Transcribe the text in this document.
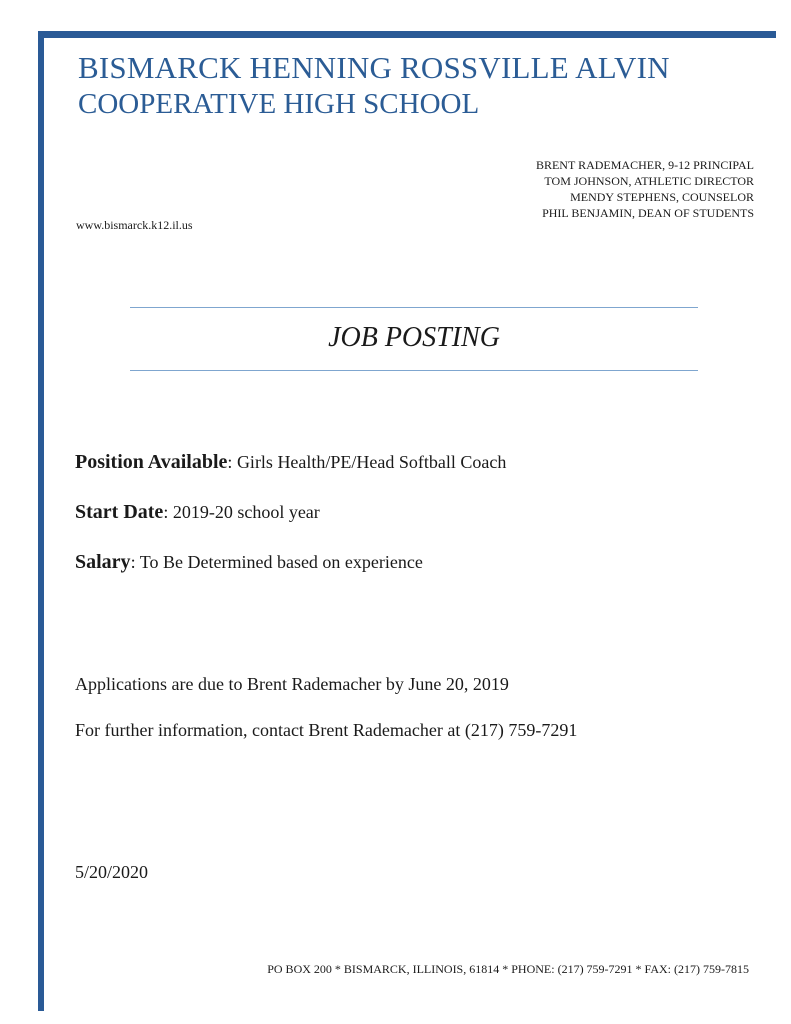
BISMARCK HENNING ROSSVILLE ALVIN
COOPERATIVE HIGH SCHOOL
BRENT RADEMACHER, 9-12 PRINCIPAL
TOM JOHNSON, ATHLETIC DIRECTOR
MENDY STEPHENS, COUNSELOR
PHIL BENJAMIN, DEAN OF STUDENTS
www.bismarck.k12.il.us
JOB POSTING
Position Available: Girls Health/PE/Head Softball Coach
Start Date: 2019-20 school year
Salary: To Be Determined based on experience
Applications are due to Brent Rademacher by June 20, 2019
For further information, contact Brent Rademacher at (217) 759-7291
5/20/2020
PO BOX 200 * BISMARCK, ILLINOIS, 61814 * PHONE: (217) 759-7291 * FAX: (217) 759-7815
